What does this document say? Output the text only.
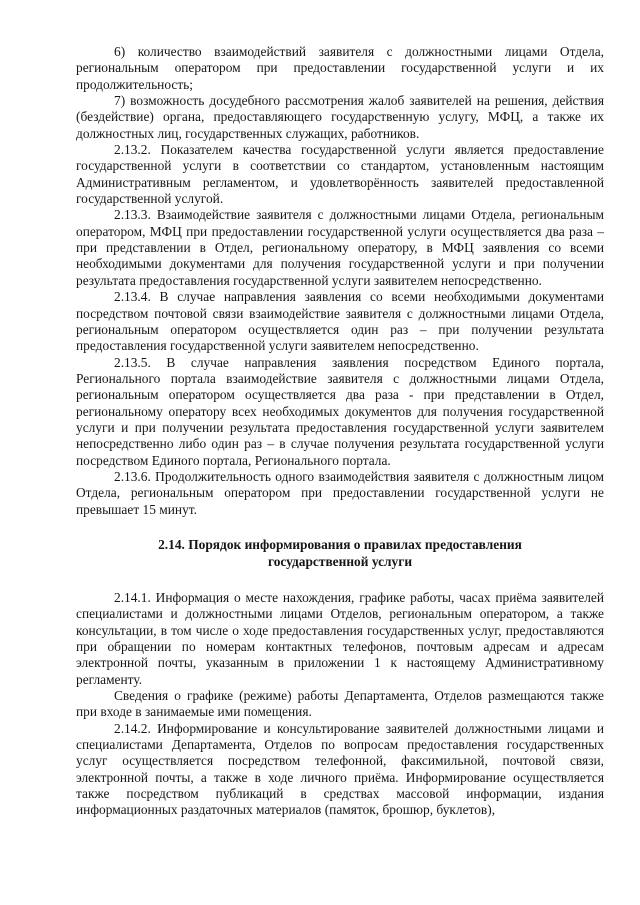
6) количество взаимодействий заявителя с должностными лицами Отдела, региональным оператором при предоставлении государственной услуги и их продолжительность;

7) возможность досудебного рассмотрения жалоб заявителей на решения, действия (бездействие) органа, предоставляющего государственную услугу, МФЦ, а также их должностных лиц, государственных служащих, работников.

2.13.2. Показателем качества государственной услуги является предоставление государственной услуги в соответствии со стандартом, установленным настоящим Административным регламентом, и удовлетворённость заявителей предоставленной государственной услугой.

2.13.3. Взаимодействие заявителя с должностными лицами Отдела, региональным оператором, МФЦ при предоставлении государственной услуги осуществляется два раза – при представлении в Отдел, региональному оператору, в МФЦ заявления со всеми необходимыми документами для получения государственной услуги и при получении результата предоставления государственной услуги заявителем непосредственно.

2.13.4. В случае направления заявления со всеми необходимыми документами посредством почтовой связи взаимодействие заявителя с должностными лицами Отдела, региональным оператором осуществляется один раз – при получении результата предоставления государственной услуги заявителем непосредственно.

2.13.5. В случае направления заявления посредством Единого портала, Регионального портала взаимодействие заявителя с должностными лицами Отдела, региональным оператором осуществляется два раза - при представлении в Отдел, региональному оператору всех необходимых документов для получения государственной услуги и при получении результата предоставления государственной услуги заявителем непосредственно либо один раз – в случае получения результата государственной услуги посредством Единого портала, Регионального портала.

2.13.6. Продолжительность одного взаимодействия заявителя с должностным лицом Отдела, региональным оператором при предоставлении государственной услуги не превышает 15 минут.

2.14. Порядок информирования о правилах предоставления
государственной услуги

2.14.1. Информация о месте нахождения, графике работы, часах приёма заявителей специалистами и должностными лицами Отделов, региональным оператором, а также консультации, в том числе о ходе предоставления государственных услуг, предоставляются при обращении по номерам контактных телефонов, почтовым адресам и адресам электронной почты, указанным в приложении 1 к настоящему Административному регламенту.

Сведения о графике (режиме) работы Департамента, Отделов размещаются также при входе в занимаемые ими помещения.

2.14.2. Информирование и консультирование заявителей должностными лицами и специалистами Департамента, Отделов по вопросам предоставления государственных услуг осуществляется посредством телефонной, факсимильной, почтовой связи, электронной почты, а также в ходе личного приёма. Информирование осуществляется также посредством публикаций в средствах массовой информации, издания информационных раздаточных материалов (памяток, брошюр, буклетов),
